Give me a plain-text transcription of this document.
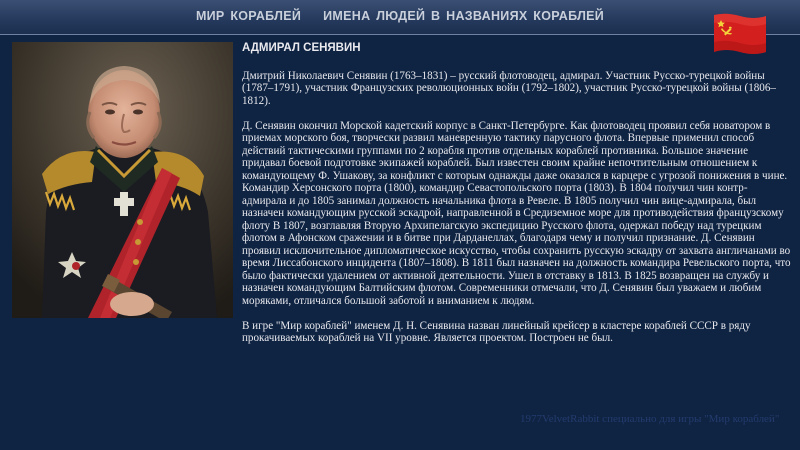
МИР КОРАБЛЕЙ ИМЕНА ЛЮДЕЙ В НАЗВАНИЯХ КОРАБЛЕЙ

АДМИРАЛ СЕНЯВИН

Дмитрий Николаевич Сенявин (1763–1831) – русский флотоводец, адмирал. Участник Русско-турецкой войны (1787–1791), участник Французских революционных войн (1792–1802), участник Русско-турецкой войны (1806–1812).

Д. Сенявин окончил Морской кадетский корпус в Санкт-Петербурге. Как флотоводец проявил себя новатором в приемах морского боя, творчески развил маневренную тактику парусного флота. Впервые применил способ действий тактическими группами по 2 корабля против отдельных кораблей противника. Большое значение придавал боевой подготовке экипажей кораблей. Был известен своим крайне непочтительным отношением к командующему Ф. Ушакову, за конфликт с которым однажды даже оказался в карцере с угрозой понижения в чине. Командир Херсонского порта (1800), командир Севастопольского порта (1803). В 1804 получил чин контр-адмирала и до 1805 занимал должность начальника флота в Ревеле. В 1805 получил чин вице-адмирала, был назначен командующим русской эскадрой, направленной в Средиземное море для противодействия французскому флоту В 1807, возглавляя Вторую Архипелагскую экспедицию Русского флота, одержал победу над турецким флотом в Афонском сражении и в битве при Дарданеллах, благодаря чему и получил признание. Д. Сенявин проявил исключительное дипломатическое искусство, чтобы сохранить русскую эскадру от захвата англичанами во время Лиссабонского инцидента (1807–1808). В 1811 был назначен на должность командира Ревельского порта, что было фактически удалением от активной деятельности. Ушел в отставку в 1813. В 1825 возвращен на службу и назначен командующим Балтийским флотом. Современники отмечали, что Д. Сенявин был уважаем и любим моряками, отличался большой заботой и вниманием к людям.

В игре "Мир кораблей" именем Д. Н. Сенявина назван линейный крейсер в кластере кораблей СССР в ряду прокачиваемых кораблей на VII уровне. Является проектом. Построен не был.

1977VelvetRabbit специально для игры "Мир кораблей"
